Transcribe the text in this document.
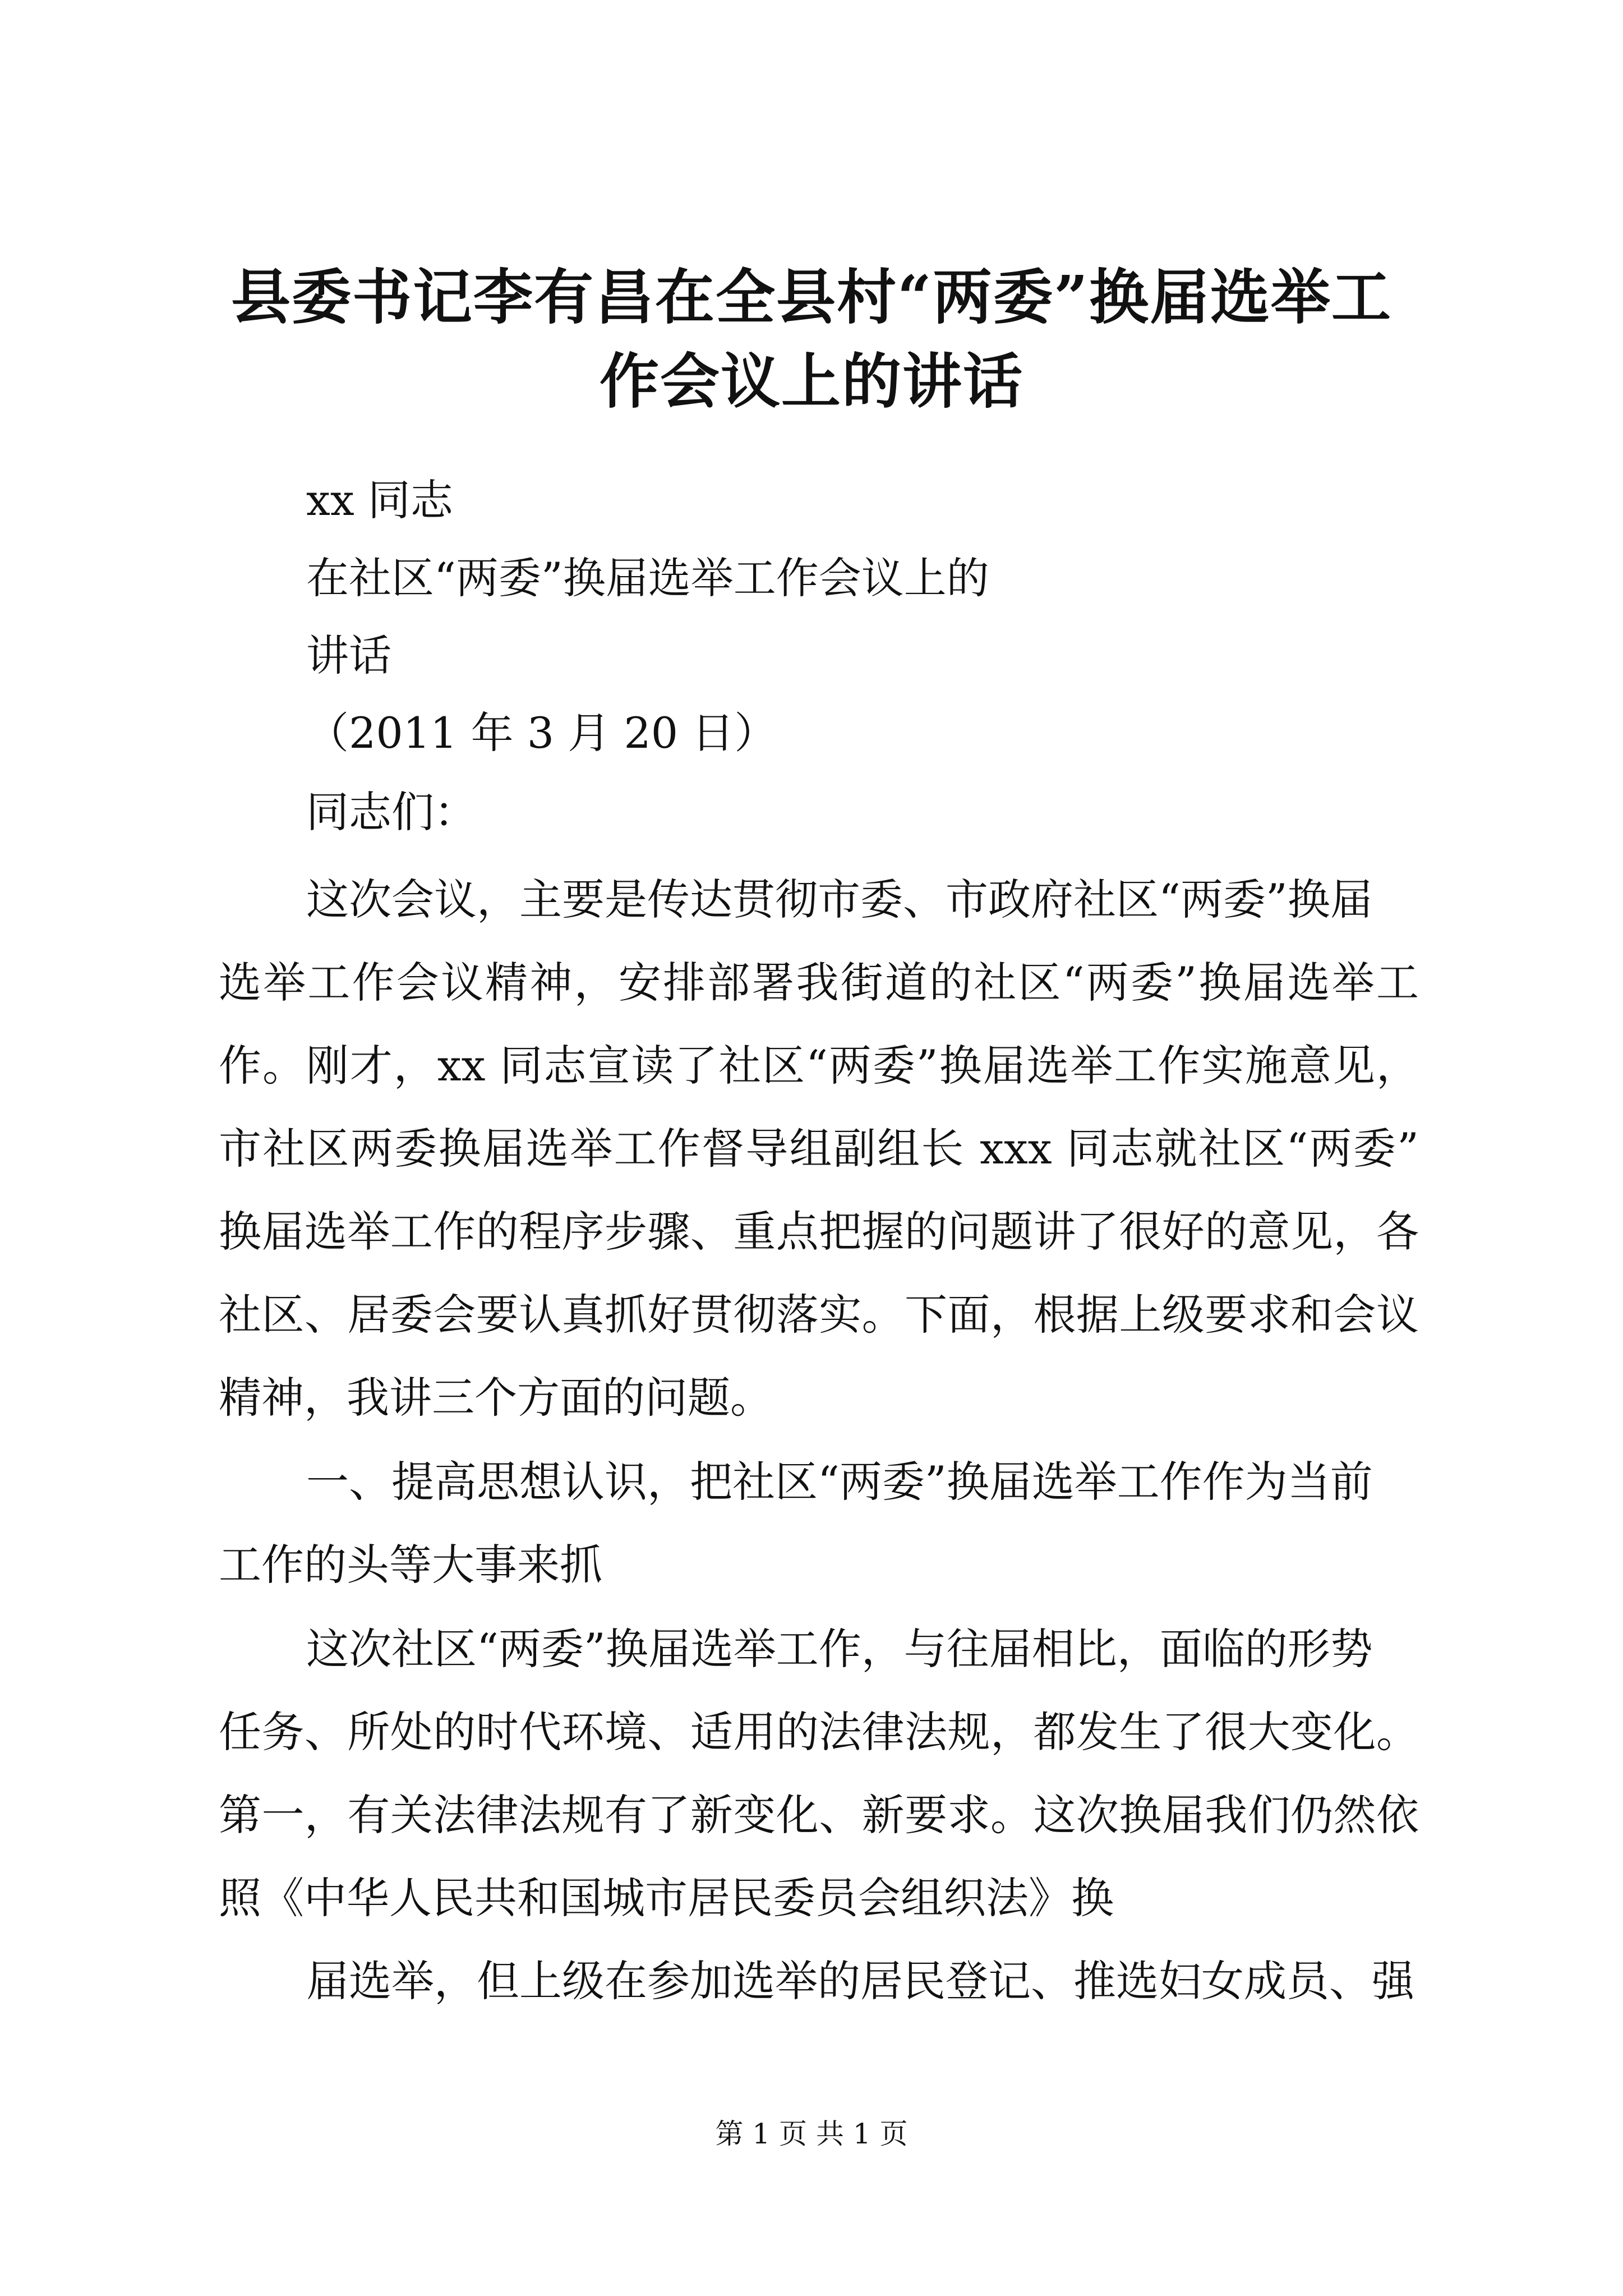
县委书记李有昌在全县村“两委”换届选举工
作会议上的讲话

xx 同志

在社区“两委”换届选举工作会议上的

讲话

（2011 年 3 月 20 日）

同志们：

这次会议，主要是传达贯彻市委、市政府社区“两委”换届

选举工作会议精神，安排部署我街道的社区“两委”换届选举工

作。刚才，xx 同志宣读了社区“两委”换届选举工作实施意见，

市社区两委换届选举工作督导组副组长 xxx 同志就社区“两委”

换届选举工作的程序步骤、重点把握的问题讲了很好的意见，各

社区、居委会要认真抓好贯彻落实。下面，根据上级要求和会议

精神，我讲三个方面的问题。

一、提高思想认识，把社区“两委”换届选举工作作为当前

工作的头等大事来抓

这次社区“两委”换届选举工作，与往届相比，面临的形势

任务、所处的时代环境、适用的法律法规，都发生了很大变化。

第一，有关法律法规有了新变化、新要求。这次换届我们仍然依

照《中华人民共和国城市居民委员会组织法》换

届选举，但上级在参加选举的居民登记、推选妇女成员、强

第 1 页 共 1 页
